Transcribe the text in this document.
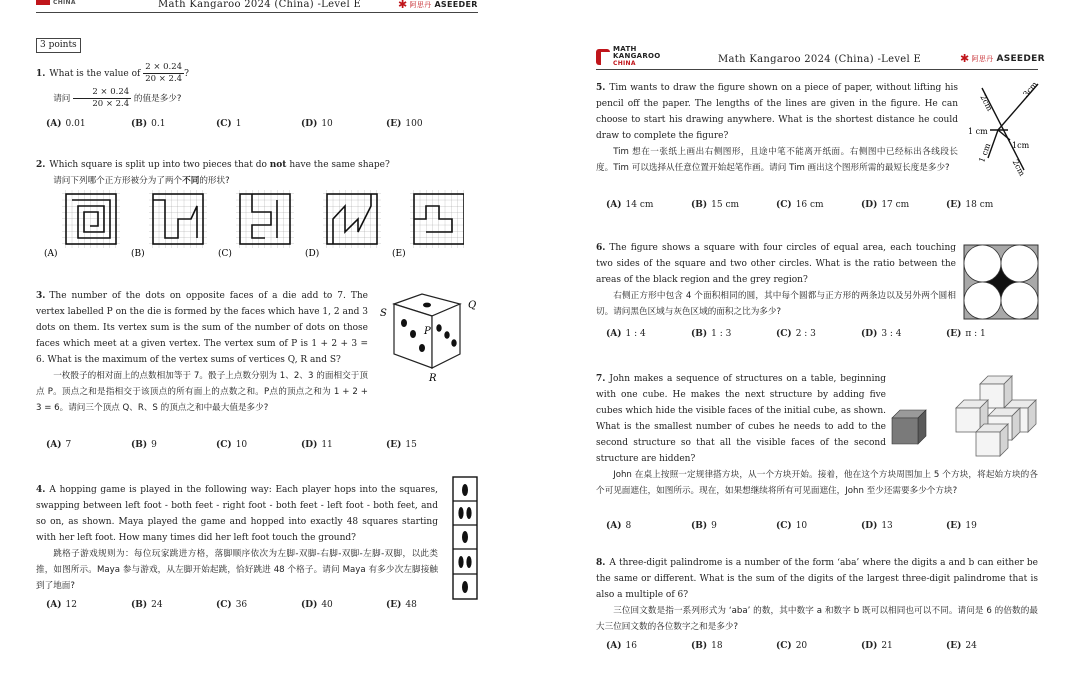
CHINA	Math Kangaroo 2024 (China) -Level E	✱ 阿思丹 ASEEDER
3 points
1. What is the value of $\frac{2 \times 0.24}{20 \times 2.4}$ ?
请问 $\frac{2 \times 0.24}{20 \times 2.4}$ 的值是多少?
(A) 0.01	(B) 0.1	(C) 1	(D) 10	(E) 100
2. Which square is split up into two pieces that do not have the same shape?
请问下列哪个正方形被分为了两个不同的形状?
(A)	(B)	(C)	(D)	(E)
3. The number of the dots on opposite faces of a die add to 7. The vertex labelled P on the die is formed by the faces which have 1, 2 and 3 dots on them. Its vertex sum is the sum of the number of dots on those faces which meet at a given vertex. The vertex sum of P is 1 + 2 + 3 = 6. What is the maximum of the vertex sums of vertices Q, R and S?
一枚骰子的相对面上的点数相加等于 7。骰子上点数分别为 1、2、3 的面相交于顶点 P。顶点之和是指相交于该顶点的所有面上的点数之和。P点的顶点之和为 1 + 2 + 3 = 6。请问三个顶点 Q、R、S 的顶点之和中最大值是多少?
S
Q
P
R
(A) 7	(B) 9	(C) 10	(D) 11	(E) 15
4. A hopping game is played in the following way: Each player hops into the squares, swapping between left foot - both feet - right foot - both feet - left foot - both feet, and so on, as shown. Maya played the game and hopped into exactly 48 squares starting with her left foot. How many times did her left foot touch the ground?
跳格子游戏规则为：每位玩家跳进方格，落脚顺序依次为左脚-双脚-右脚-双脚-左脚-双脚，以此类推，如图所示。Maya 参与游戏，从左脚开始起跳，恰好跳进 48 个格子。请问 Maya 有多少次左脚接触到了地面?
(A) 12	(B) 24	(C) 36	(D) 40	(E) 48
MATH
KANGAROO
CHINA	Math Kangaroo 2024 (China) -Level E	✱ 阿思丹 ASEEDER
5. Tim wants to draw the figure shown on a piece of paper, without lifting his pencil off the paper. The lengths of the lines are given in the figure. He can choose to start his drawing anywhere. What is the shortest distance he could draw to complete the figure?
Tim 想在一张纸上画出右侧图形，且途中笔不能离开纸面。右侧图中已经标出各线段长度。Tim 可以选择从任意位置开始起笔作画。请问 Tim 画出这个图形所需的最短长度是多少?
2cm
3cm
1 cm
1cm
1 cm
2cm
(A) 14 cm	(B) 15 cm	(C) 16 cm	(D) 17 cm	(E) 18 cm
6. The figure shows a square with four circles of equal area, each touching two sides of the square and two other circles. What is the ratio between the areas of the black region and the grey region?
右侧正方形中包含 4 个面积相同的圆，其中每个圆都与正方形的两条边以及另外两个圆相切。请问黑色区域与灰色区域的面积之比为多少?
(A) 1 : 4	(B) 1 : 3	(C) 2 : 3	(D) 3 : 4	(E) π : 1
7. John makes a sequence of structures on a table, beginning with one cube. He makes the next structure by adding five cubes which hide the visible faces of the initial cube, as shown. What is the smallest number of cubes he needs to add to the second structure so that all the visible faces of the second structure are hidden?
John 在桌上按照一定规律搭方块，从一个方块开始。接着，他在这个方块周围加上 5 个方块，将起始方块的各个可见面遮住，如图所示。现在，如果想继续将所有可见面遮住，John 至少还需要多少个方块?
(A) 8	(B) 9	(C) 10	(D) 13	(E) 19
8. A three-digit palindrome is a number of the form ‘aba’ where the digits a and b can either be the same or different. What is the sum of the digits of the largest three-digit palindrome that is also a multiple of 6?
三位回文数是指一系列形式为 ‘aba’ 的数，其中数字 a 和数字 b 既可以相同也可以不同。请问是 6 的倍数的最大三位回文数的各位数字之和是多少?
(A) 16	(B) 18	(C) 20	(D) 21	(E) 24
